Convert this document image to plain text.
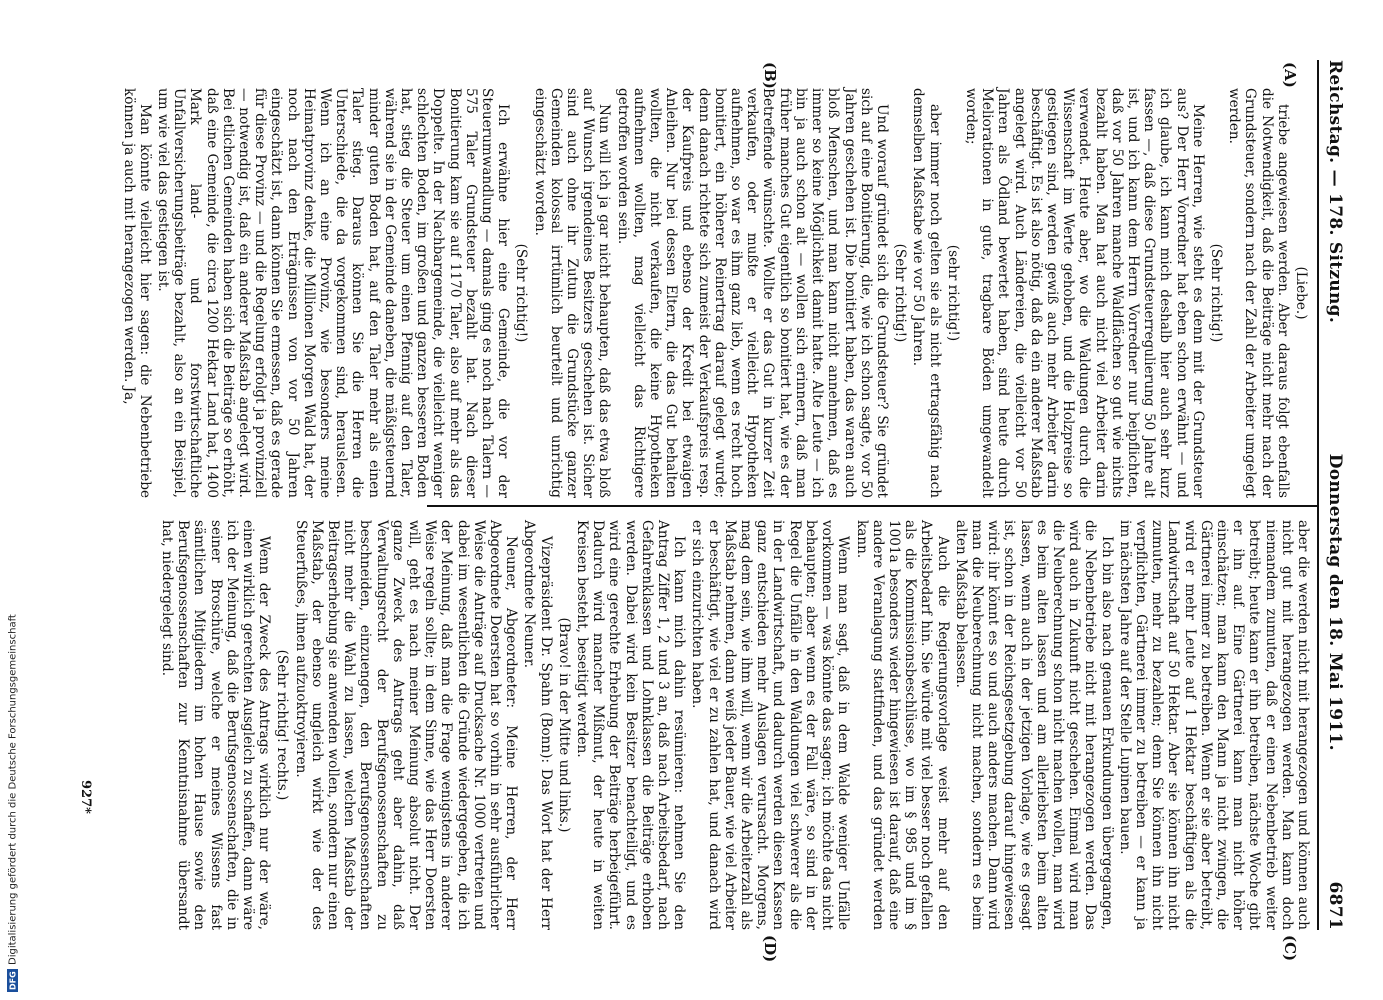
Reichstag. — 178. Sitzung.
Donnerstag den 18. Mai 1911.
6871
(A)
(B)
(C)
(D)

(Liebe.)

triebe angewiesen werden. Aber daraus folgt ebenfalls die Notwendigkeit, daß die Beiträge nicht mehr nach der Grundsteuer, sondern nach der Zahl der Arbeiter umgelegt werden.

(Sehr richtig!)

Meine Herren, wie steht es denn mit der Grundsteuer aus? Der Herr Vorredner hat eben schon erwähnt — und ich glaube, ich kann mich deshalb hier auch sehr kurz fassen —, daß diese Grundsteuerregulierung 50 Jahre alt ist, und ich kann dem Herrn Vorredner nur beipflichten, daß vor 50 Jahren manche Waldflächen so gut wie nichts bezahlt haben. Man hat auch nicht viel Arbeiter darin verwendet. Heute aber, wo die Waldungen durch die Wissenschaft im Werte gehoben, und die Holzpreise so gestiegen sind, werden gewiß auch mehr Arbeiter darin beschäftigt. Es ist also nötig, daß da ein anderer Maßstab angelegt wird. Auch Ländereien, die vielleicht vor 50 Jahren als Ödland bewertet haben, sind heute durch Meliorationen in gute, tragbare Böden umgewandelt worden;

(sehr richtig!)

aber immer noch gelten sie als nicht ertragsfähig nach demselben Maßstabe wie vor 50 Jahren.

(Sehr richtig!)

Und worauf gründet sich die Grundsteuer? Sie gründet sich auf eine Bonitierung, die, wie ich schon sagte, vor 50 Jahren geschehen ist. Die bonitiert haben, das waren auch bloß Menschen, und man kann nicht annehmen, daß es immer so keine Möglichkeit damit hatte. Alte Leute — ich bin ja auch schon alt — wollen sich erinnern, daß man früher manches Gut eigentlich so bonitiert hat, wie es der Betreffende wünschte. Wollte er das Gut in kurzer Zeit verkaufen, oder mußte er vielleicht Hypotheken aufnehmen, so war es ihm ganz lieb, wenn es recht hoch bonitiert, ein höherer Reinertrag darauf gelegt wurde; denn danach richtete sich zumeist der Verkaufspreis resp. der Kaufpreis und ebenso der Kredit bei etwaigen Anleihen. Nur bei dessen Eltern, die das Gut behalten wollten, die nicht verkaufen, die keine Hypotheken aufnehmen wollten, mag vielleicht das Richtigere getroffen worden sein.

Nun will ich ja gar nicht behaupten, daß das etwa bloß auf Wunsch irgendeines Besitzers geschehen ist. Sicher sind auch ohne ihr Zutun die Grundstücke ganzer Gemeinden kolossal irrtümlich beurteilt und unrichtig eingeschätzt worden.

(Sehr richtig!)

Ich erwähne hier eine Gemeinde, die vor der Steuerumwandlung — damals ging es noch nach Talern — 575 Taler Grundsteuer bezahlt hat. Nach dieser Bonitierung kam sie auf 1170 Taler, also auf mehr als das Doppelte. In der Nachbargemeinde, die vielleicht weniger schlechten Boden, im großen und ganzen besseren Boden hat, stieg die Steuer um einen Pfennig auf den Taler, während sie in der Gemeinde daneben, die mäßigsteuernd minder guten Boden hat, auf den Taler mehr als einen Taler stieg. Daraus können Sie die Herren die Unterschiede, die da vorgekommen sind, herauslesen. Wenn ich an eine Provinz, wie besonders meine Heimatprovinz denke, die Millionen Morgen Wald hat, der noch nach den Erträgnissen von vor 50 Jahren eingeschätzt ist, dann können Sie ermessen, daß es gerade für diese Provinz — und die Regelung erfolgt ja provinziell — notwendig ist, daß ein anderer Maßstab angelegt wird. Bei etlichen Gemeinden haben sich die Beiträge so erhöht, daß eine Gemeinde, die circa 1200 Hektar Land hat, 1400 Mark land- und forstwirtschaftliche Unfallversicherungsbeiträge bezahlt, also an ein Beispiel, um wie viel das gestiegen ist.

Man könnte vielleicht hier sagen: die Nebenbetriebe können ja auch mit herangezogen werden. Ja,

aber die werden nicht mit herangezogen und können auch nicht gut mit herangezogen werden. Man kann doch niemandem zumuten, daß er einen Nebenbetrieb weiter betreibt; heute kann er ihn betreiben, nächste Woche gibt er ihn auf. Eine Gärtnerei kann man nicht höher einschätzen; man kann den Mann ja nicht zwingen, die Gärtnerei immer zu betreiben. Wenn er sie aber betreibt, wird er mehr Leute auf 1 Hektar beschäftigen als die Landwirtschaft auf 50 Hektar. Aber sie können ihn nicht zumuten, mehr zu bezahlen; denn Sie können ihn nicht verpflichten, Gärtnerei immer zu betreiben — er kann ja im nächsten Jahre auf der Stelle Lupinen bauen.

Ich bin also nach genauen Erkundungen übergegangen, die Nebenbetriebe nicht mit herangezogen werden. Das wird auch in Zukunft nicht geschehen. Einmal wird man die Neuberechnung schon nicht machen wollen, man wird es beim alten lassen und am allerliebsten beim alten lassen, wenn auch in der jetzigen Vorlage, wie es gesagt ist, schon in der Reichsgesetzgebung darauf hingewiesen wird: ihr könnt es so und auch anders machen. Dann wird man die Neuberechnung nicht machen, sondern es beim alten Maßstab belassen.

Auch die Regierungsvorlage weist mehr auf den Arbeitsbedarf hin. Sie würde mit viel besser noch gefallen als die Kommissionsbeschlüsse, wo im § 985 und im § 1001a besonders wieder hingewiesen ist darauf, daß eine andere Veranlagung stattfinden, und das gründet werden kann.

Wenn man sagt, daß in dem Walde weniger Unfälle vorkommen — was könnte das sagen; ich möchte das nicht behaupten; aber wenn es der Fall wäre, so sind in der Regel die Unfälle in den Waldungen viel schwerer als die in der Landwirtschaft, und dadurch werden diesen Kassen ganz entschieden mehr Auslagen verursacht. Morgens, mag dem sein, wie ihm will, wenn wir die Arbeiterzahl als Maßstab nehmen, dann weiß jeder Bauer, wie viel Arbeiter er beschäftigt, wie viel er zu zahlen hat, und danach wird er sich einzurichten haben.

Ich kann mich dahin resümieren: nehmen Sie den Antrag Ziffer 1, 2 und 3 an, daß nach Arbeitsbedarf, nach Gefahrenklassen und Lohnklassen die Beiträge erhoben werden. Dabei wird kein Besitzer benachteiligt, und es wird eine gerechte Erhebung der Beiträge herbeigeführt. Dadurch wird mancher Mißmut, der heute in weiten Kreisen besteht, beseitigt werden.

(Bravo! in der Mitte und links.)

Vizepräsident Dr. Spahn (Bonn): Das Wort hat der Herr Abgeordnete Neuner.

Neuner, Abgeordneter: Meine Herren, der Herr Abgeordnete Doersten hat so vorhin in sehr ausführlicher Weise die Anträge auf Drucksache Nr. 1000 vertreten und dabei im wesentlichen die Gründe wiedergegeben, die ich der Meinung, daß man die Frage wenigstens in anderer Weise regeln sollte; in dem Sinne, wie das Herr Doersten will, geht es nach meiner Meinung absolut nicht. Der ganze Zweck des Antrags geht aber dahin, daß Verwaltungsrecht der Berufsgenossenschaften zu beschneiden, einzuengen, den Berufsgenossenschaften nicht mehr die Wahl zu lassen, welchen Maßstab der Beitragserhebung sie anwenden wollen, sondern nur einen Maßstab, der ebenso ungleich wirkt wie der des Steuerfußes, ihnen aufzuoktroyieren.

(Sehr richtig! rechts.)

Wenn der Zweck des Antrags wirklich nur der wäre, einen wirklich gerechten Ausgleich zu schaffen, dann wäre ich der Meinung, daß die Berufsgenossenschaften, die in seiner Broschüre, welche er meines Wissens fast sämtlichen Mitgliedern im hohen Hause sowie den Berufsgenossenschaften zur Kenntnisnahme übersandt hat, niedergelegt sind.

927*
DFG
Digitalisierung gefördert durch die Deutsche Forschungsgemeinschaft
